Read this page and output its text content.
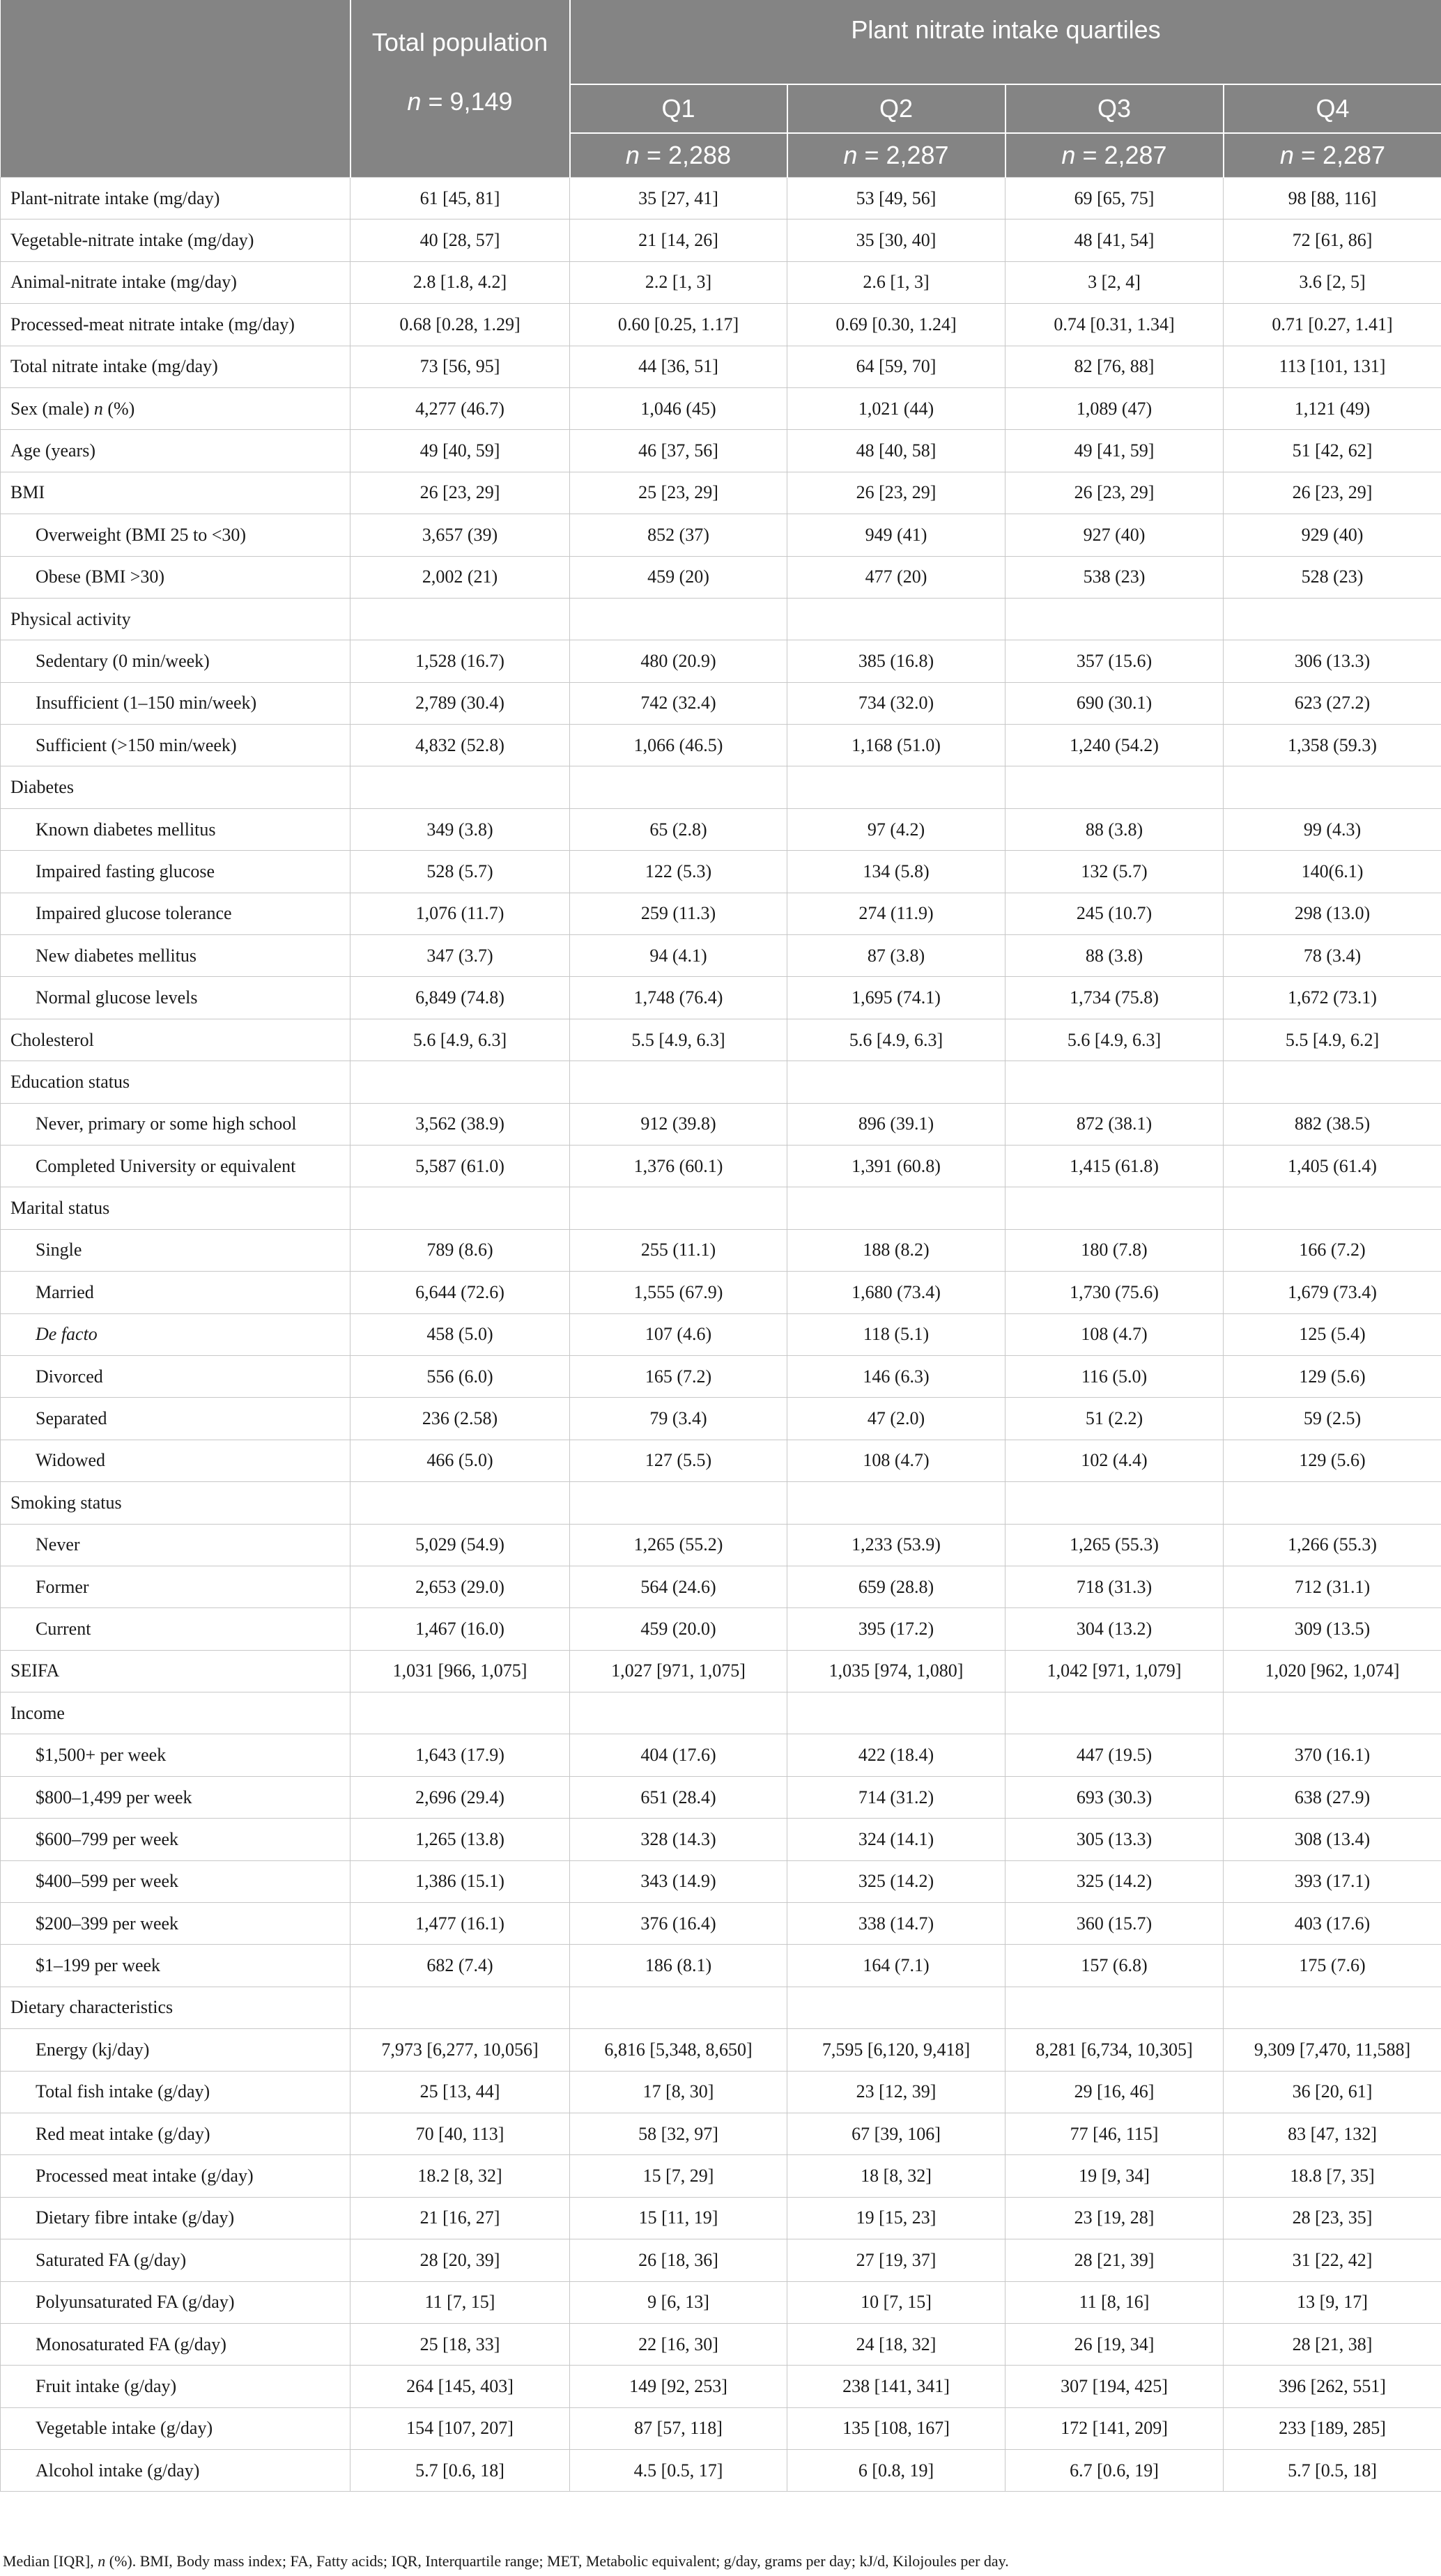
	Total population	Plant nitrate intake quartiles			
	n = 9,149	Q1	Q2	Q3	Q4
		n = 2,288	n = 2,287	n = 2,287	n = 2,287
Plant-nitrate intake (mg/day)	61 [45, 81]	35 [27, 41]	53 [49, 56]	69 [65, 75]	98 [88, 116]
Vegetable-nitrate intake (mg/day)	40 [28, 57]	21 [14, 26]	35 [30, 40]	48 [41, 54]	72 [61, 86]
Animal-nitrate intake (mg/day)	2.8 [1.8, 4.2]	2.2 [1, 3]	2.6 [1, 3]	3 [2, 4]	3.6 [2, 5]
Processed-meat nitrate intake (mg/day)	0.68 [0.28, 1.29]	0.60 [0.25, 1.17]	0.69 [0.30, 1.24]	0.74 [0.31, 1.34]	0.71 [0.27, 1.41]
Total nitrate intake (mg/day)	73 [56, 95]	44 [36, 51]	64 [59, 70]	82 [76, 88]	113 [101, 131]
Sex (male) n (%)	4,277 (46.7)	1,046 (45)	1,021 (44)	1,089 (47)	1,121 (49)
Age (years)	49 [40, 59]	46 [37, 56]	48 [40, 58]	49 [41, 59]	51 [42, 62]
BMI	26 [23, 29]	25 [23, 29]	26 [23, 29]	26 [23, 29]	26 [23, 29]
Overweight (BMI 25 to <30)	3,657 (39)	852 (37)	949 (41)	927 (40)	929 (40)
Obese (BMI >30)	2,002 (21)	459 (20)	477 (20)	538 (23)	528 (23)
Physical activity					
Sedentary (0 min/week)	1,528 (16.7)	480 (20.9)	385 (16.8)	357 (15.6)	306 (13.3)
Insufficient (1–150 min/week)	2,789 (30.4)	742 (32.4)	734 (32.0)	690 (30.1)	623 (27.2)
Sufficient (>150 min/week)	4,832 (52.8)	1,066 (46.5)	1,168 (51.0)	1,240 (54.2)	1,358 (59.3)
Diabetes					
Known diabetes mellitus	349 (3.8)	65 (2.8)	97 (4.2)	88 (3.8)	99 (4.3)
Impaired fasting glucose	528 (5.7)	122 (5.3)	134 (5.8)	132 (5.7)	140(6.1)
Impaired glucose tolerance	1,076 (11.7)	259 (11.3)	274 (11.9)	245 (10.7)	298 (13.0)
New diabetes mellitus	347 (3.7)	94 (4.1)	87 (3.8)	88 (3.8)	78 (3.4)
Normal glucose levels	6,849 (74.8)	1,748 (76.4)	1,695 (74.1)	1,734 (75.8)	1,672 (73.1)
Cholesterol	5.6 [4.9, 6.3]	5.5 [4.9, 6.3]	5.6 [4.9, 6.3]	5.6 [4.9, 6.3]	5.5 [4.9, 6.2]
Education status					
Never, primary or some high school	3,562 (38.9)	912 (39.8)	896 (39.1)	872 (38.1)	882 (38.5)
Completed University or equivalent	5,587 (61.0)	1,376 (60.1)	1,391 (60.8)	1,415 (61.8)	1,405 (61.4)
Marital status					
Single	789 (8.6)	255 (11.1)	188 (8.2)	180 (7.8)	166 (7.2)
Married	6,644 (72.6)	1,555 (67.9)	1,680 (73.4)	1,730 (75.6)	1,679 (73.4)
De facto	458 (5.0)	107 (4.6)	118 (5.1)	108 (4.7)	125 (5.4)
Divorced	556 (6.0)	165 (7.2)	146 (6.3)	116 (5.0)	129 (5.6)
Separated	236 (2.58)	79 (3.4)	47 (2.0)	51 (2.2)	59 (2.5)
Widowed	466 (5.0)	127 (5.5)	108 (4.7)	102 (4.4)	129 (5.6)
Smoking status					
Never	5,029 (54.9)	1,265 (55.2)	1,233 (53.9)	1,265 (55.3)	1,266 (55.3)
Former	2,653 (29.0)	564 (24.6)	659 (28.8)	718 (31.3)	712 (31.1)
Current	1,467 (16.0)	459 (20.0)	395 (17.2)	304 (13.2)	309 (13.5)
SEIFA	1,031 [966, 1,075]	1,027 [971, 1,075]	1,035 [974, 1,080]	1,042 [971, 1,079]	1,020 [962, 1,074]
Income					
$1,500+ per week	1,643 (17.9)	404 (17.6)	422 (18.4)	447 (19.5)	370 (16.1)
$800–1,499 per week	2,696 (29.4)	651 (28.4)	714 (31.2)	693 (30.3)	638 (27.9)
$600–799 per week	1,265 (13.8)	328 (14.3)	324 (14.1)	305 (13.3)	308 (13.4)
$400–599 per week	1,386 (15.1)	343 (14.9)	325 (14.2)	325 (14.2)	393 (17.1)
$200–399 per week	1,477 (16.1)	376 (16.4)	338 (14.7)	360 (15.7)	403 (17.6)
$1–199 per week	682 (7.4)	186 (8.1)	164 (7.1)	157 (6.8)	175 (7.6)
Dietary characteristics					
Energy (kj/day)	7,973 [6,277, 10,056]	6,816 [5,348, 8,650]	7,595 [6,120, 9,418]	8,281 [6,734, 10,305]	9,309 [7,470, 11,588]
Total fish intake (g/day)	25 [13, 44]	17 [8, 30]	23 [12, 39]	29 [16, 46]	36 [20, 61]
Red meat intake (g/day)	70 [40, 113]	58 [32, 97]	67 [39, 106]	77 [46, 115]	83 [47, 132]
Processed meat intake (g/day)	18.2 [8, 32]	15 [7, 29]	18 [8, 32]	19 [9, 34]	18.8 [7, 35]
Dietary fibre intake (g/day)	21 [16, 27]	15 [11, 19]	19 [15, 23]	23 [19, 28]	28 [23, 35]
Saturated FA (g/day)	28 [20, 39]	26 [18, 36]	27 [19, 37]	28 [21, 39]	31 [22, 42]
Polyunsaturated FA (g/day)	11 [7, 15]	9 [6, 13]	10 [7, 15]	11 [8, 16]	13 [9, 17]
Monosaturated FA (g/day)	25 [18, 33]	22 [16, 30]	24 [18, 32]	26 [19, 34]	28 [21, 38]
Fruit intake (g/day)	264 [145, 403]	149 [92, 253]	238 [141, 341]	307 [194, 425]	396 [262, 551]
Vegetable intake (g/day)	154 [107, 207]	87 [57, 118]	135 [108, 167]	172 [141, 209]	233 [189, 285]
Alcohol intake (g/day)	5.7 [0.6, 18]	4.5 [0.5, 17]	6 [0.8, 19]	6.7 [0.6, 19]	5.7 [0.5, 18]
Median [IQR], n (%). BMI, Body mass index; FA, Fatty acids; IQR, Interquartile range; MET, Metabolic equivalent; g/day, grams per day; kJ/d, Kilojoules per day.
